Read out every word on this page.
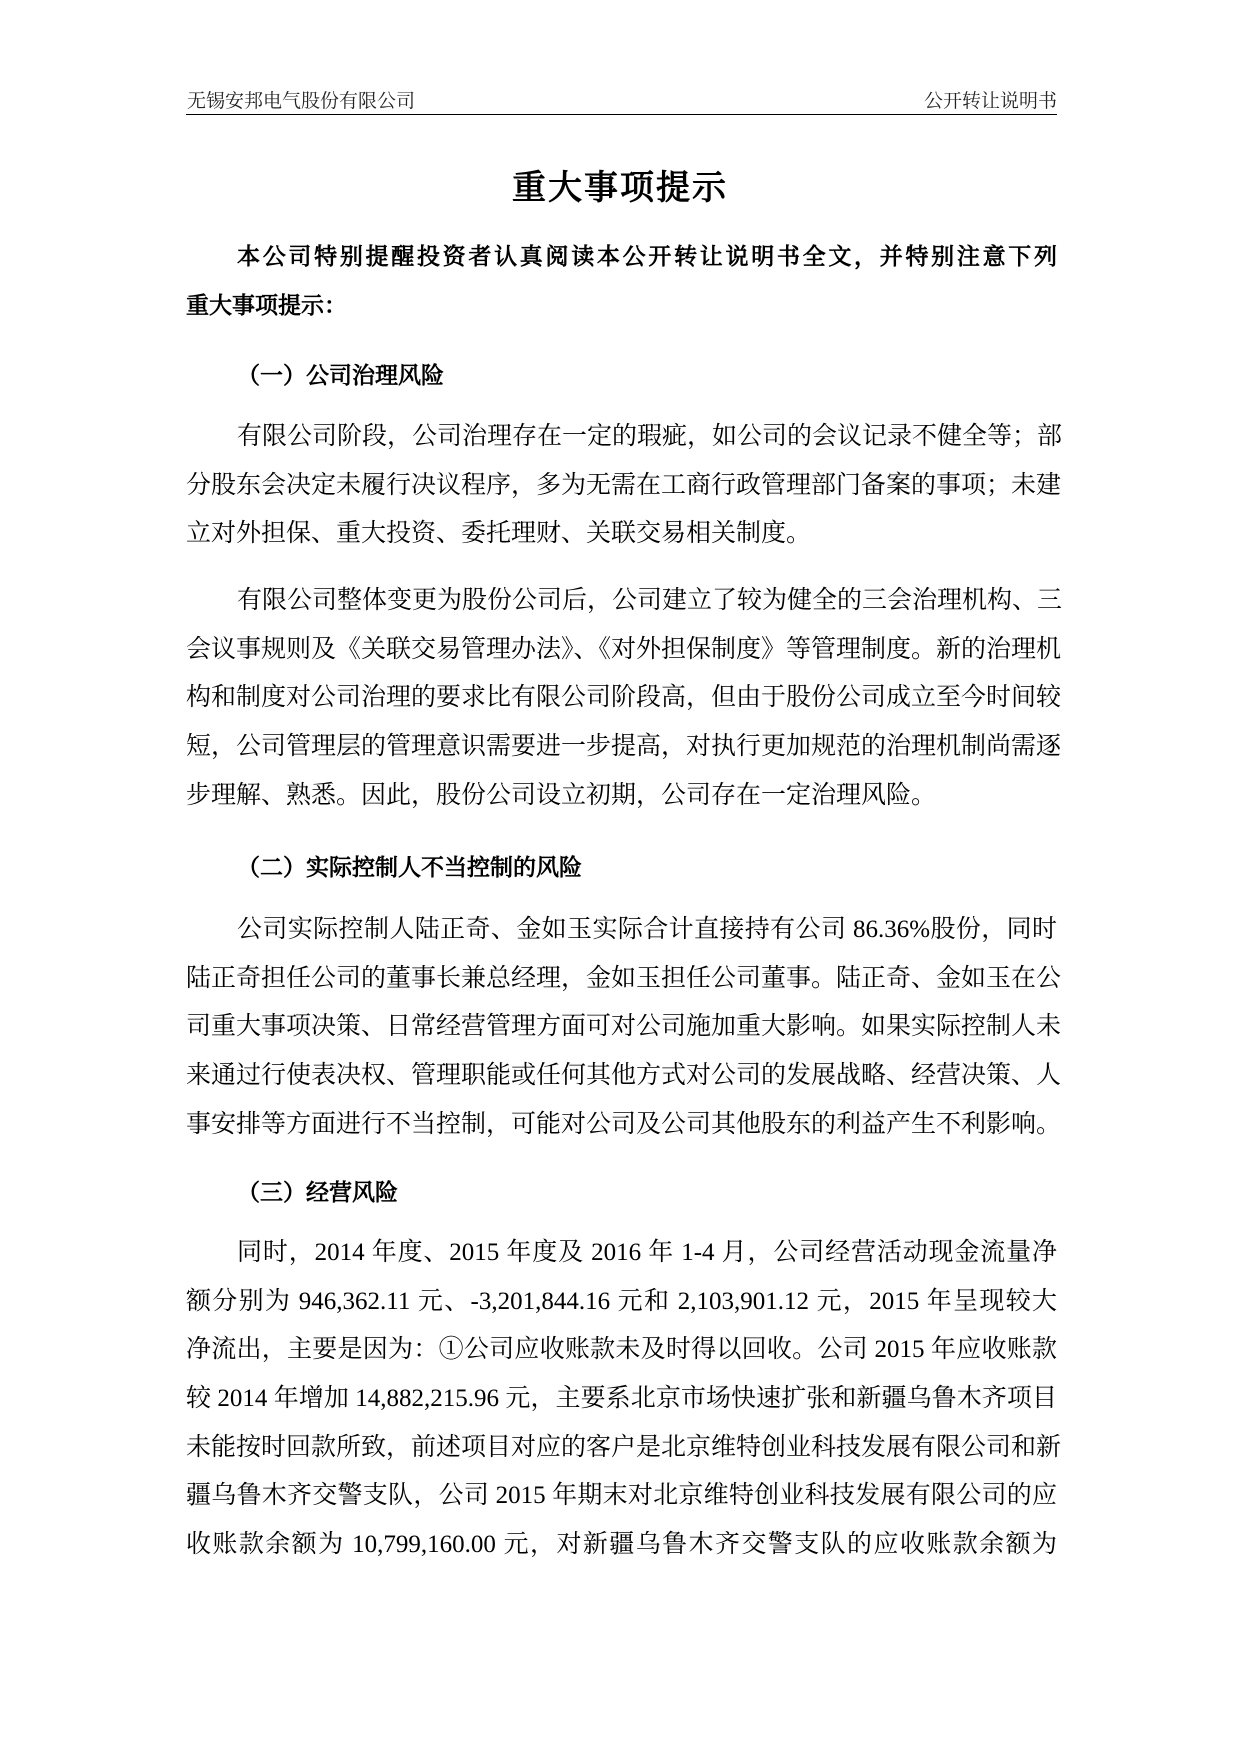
无锡安邦电气股份有限公司	公开转让说明书
重大事项提示
本公司特别提醒投资者认真阅读本公开转让说明书全文，并特别注意下列
重大事项提示：
（一）公司治理风险
有限公司阶段，公司治理存在一定的瑕疵，如公司的会议记录不健全等；部
分股东会决定未履行决议程序，多为无需在工商行政管理部门备案的事项；未建
立对外担保、重大投资、委托理财、关联交易相关制度。
有限公司整体变更为股份公司后，公司建立了较为健全的三会治理机构、三
会议事规则及《关联交易管理办法》、《对外担保制度》等管理制度。新的治理机
构和制度对公司治理的要求比有限公司阶段高，但由于股份公司成立至今时间较
短，公司管理层的管理意识需要进一步提高，对执行更加规范的治理机制尚需逐
步理解、熟悉。因此，股份公司设立初期，公司存在一定治理风险。
（二）实际控制人不当控制的风险
公司实际控制人陆正奇、金如玉实际合计直接持有公司 86.36%股份，同时
陆正奇担任公司的董事长兼总经理，金如玉担任公司董事。陆正奇、金如玉在公
司重大事项决策、日常经营管理方面可对公司施加重大影响。如果实际控制人未
来通过行使表决权、管理职能或任何其他方式对公司的发展战略、经营决策、人
事安排等方面进行不当控制，可能对公司及公司其他股东的利益产生不利影响。
（三）经营风险
同时，2014 年度、2015 年度及 2016 年 1-4 月，公司经营活动现金流量净
额分别为 946,362.11 元、-3,201,844.16 元和 2,103,901.12 元，2015 年呈现较大
净流出，主要是因为：①公司应收账款未及时得以回收。公司 2015 年应收账款
较 2014 年增加 14,882,215.96 元，主要系北京市场快速扩张和新疆乌鲁木齐项目
未能按时回款所致，前述项目对应的客户是北京维特创业科技发展有限公司和新
疆乌鲁木齐交警支队，公司 2015 年期末对北京维特创业科技发展有限公司的应
收账款余额为 10,799,160.00 元，对新疆乌鲁木齐交警支队的应收账款余额为
